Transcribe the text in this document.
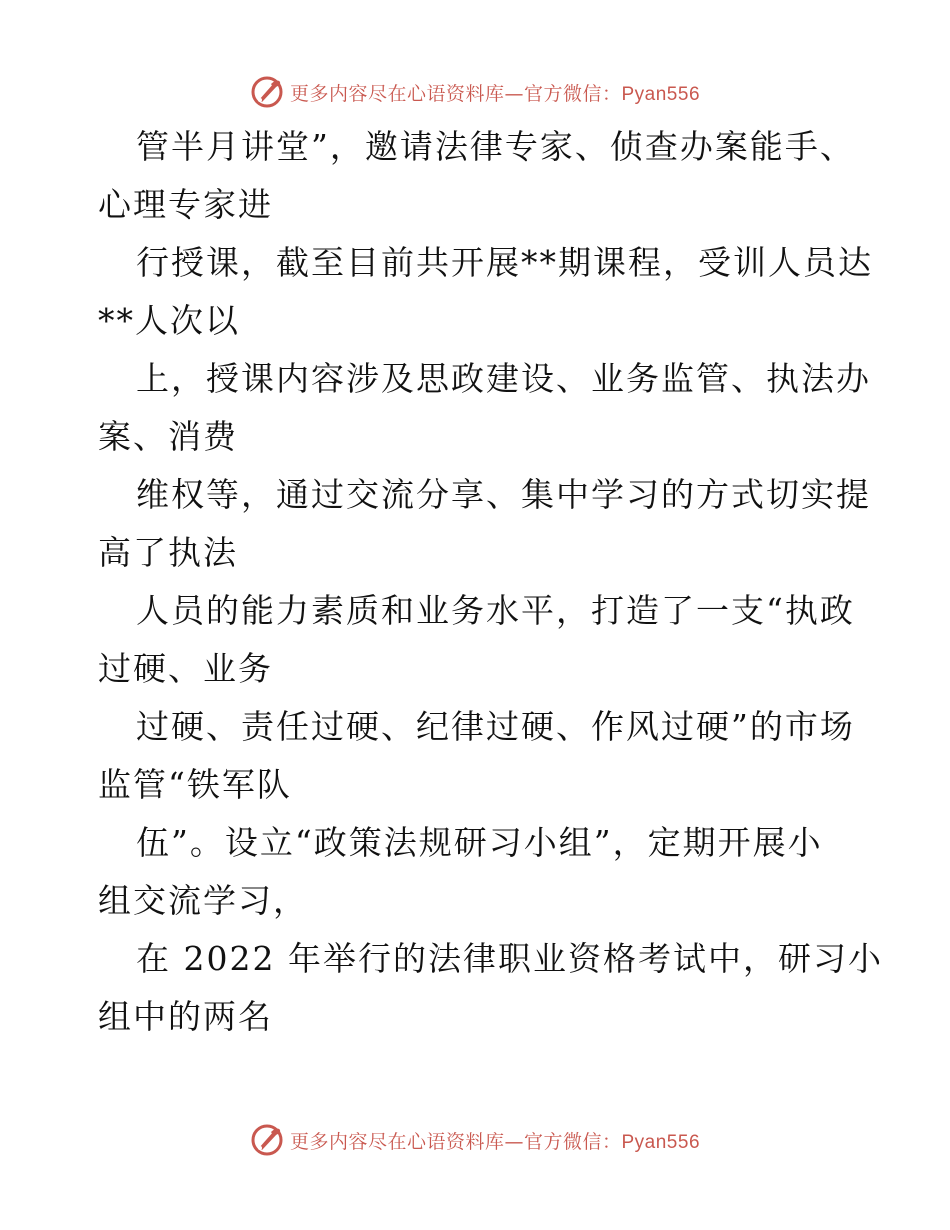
更多内容尽在心语资料库—官方微信：Pyan556
管半月讲堂”，邀请法律专家、侦查办案能手、
心理专家进
行授课，截至目前共开展**期课程，受训人员达
**人次以
上，授课内容涉及思政建设、业务监管、执法办
案、消费
维权等，通过交流分享、集中学习的方式切实提
高了执法
人员的能力素质和业务水平，打造了一支“执政
过硬、业务
过硬、责任过硬、纪律过硬、作风过硬”的市场
监管“铁军队
伍”。设立“政策法规研习小组”，定期开展小
组交流学习，
在 2022 年举行的法律职业资格考试中，研习小
组中的两名
更多内容尽在心语资料库—官方微信：Pyan556
